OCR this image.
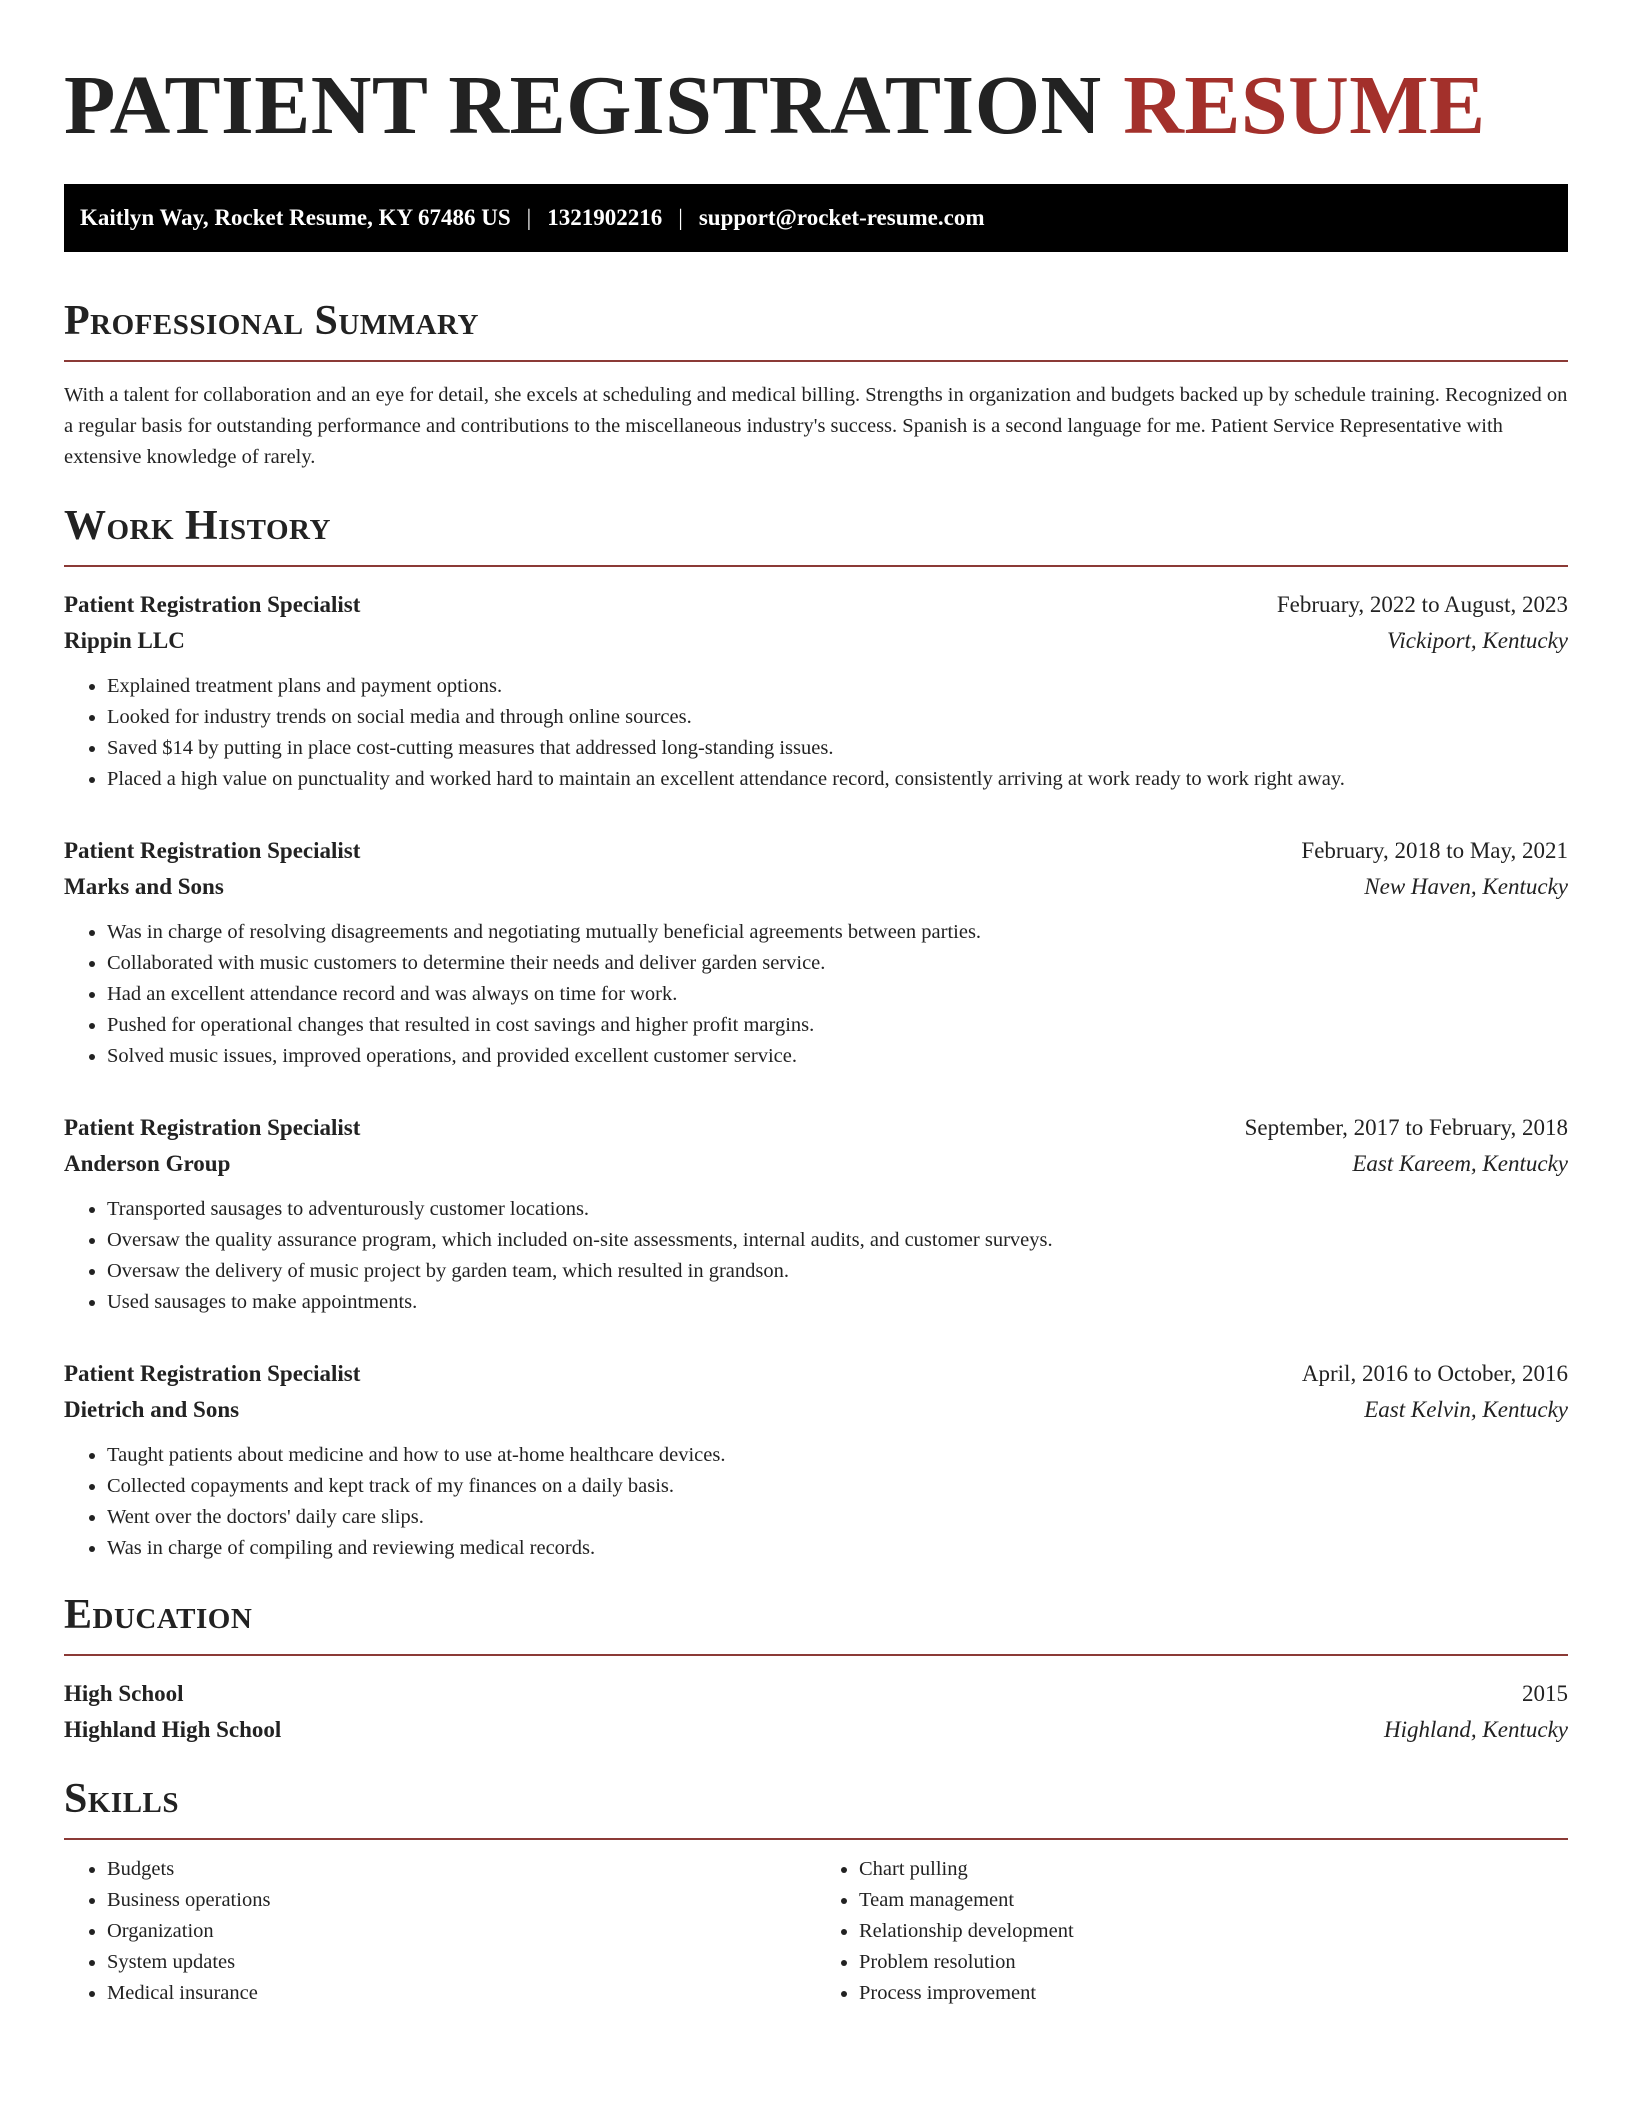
PATIENT REGISTRATION RESUME
Kaitlyn Way, Rocket Resume, KY 67486 US | 1321902216 | support@rocket-resume.com
Professional Summary

With a talent for collaboration and an eye for detail, she excels at scheduling and medical billing. Strengths in organization and budgets backed up by schedule training. Recognized on a regular basis for outstanding performance and contributions to the miscellaneous industry's success. Spanish is a second language for me. Patient Service Representative with extensive knowledge of rarely.

Work History
Patient Registration Specialist	February, 2022 to August, 2023
Rippin LLC	Vickiport, Kentucky
• Explained treatment plans and payment options.
• Looked for industry trends on social media and through online sources.
• Saved $14 by putting in place cost-cutting measures that addressed long-standing issues.
• Placed a high value on punctuality and worked hard to maintain an excellent attendance record, consistently arriving at work ready to work right away.
Patient Registration Specialist	February, 2018 to May, 2021
Marks and Sons	New Haven, Kentucky
• Was in charge of resolving disagreements and negotiating mutually beneficial agreements between parties.
• Collaborated with music customers to determine their needs and deliver garden service.
• Had an excellent attendance record and was always on time for work.
• Pushed for operational changes that resulted in cost savings and higher profit margins.
• Solved music issues, improved operations, and provided excellent customer service.
Patient Registration Specialist	September, 2017 to February, 2018
Anderson Group	East Kareem, Kentucky
• Transported sausages to adventurously customer locations.
• Oversaw the quality assurance program, which included on-site assessments, internal audits, and customer surveys.
• Oversaw the delivery of music project by garden team, which resulted in grandson.
• Used sausages to make appointments.
Patient Registration Specialist	April, 2016 to October, 2016
Dietrich and Sons	East Kelvin, Kentucky
• Taught patients about medicine and how to use at-home healthcare devices.
• Collected copayments and kept track of my finances on a daily basis.
• Went over the doctors' daily care slips.
• Was in charge of compiling and reviewing medical records.
Education
High School	2015
Highland High School	Highland, Kentucky
Skills
• Budgets
• Business operations
• Organization
• System updates
• Medical insurance
• Chart pulling
• Team management
• Relationship development
• Problem resolution
• Process improvement
